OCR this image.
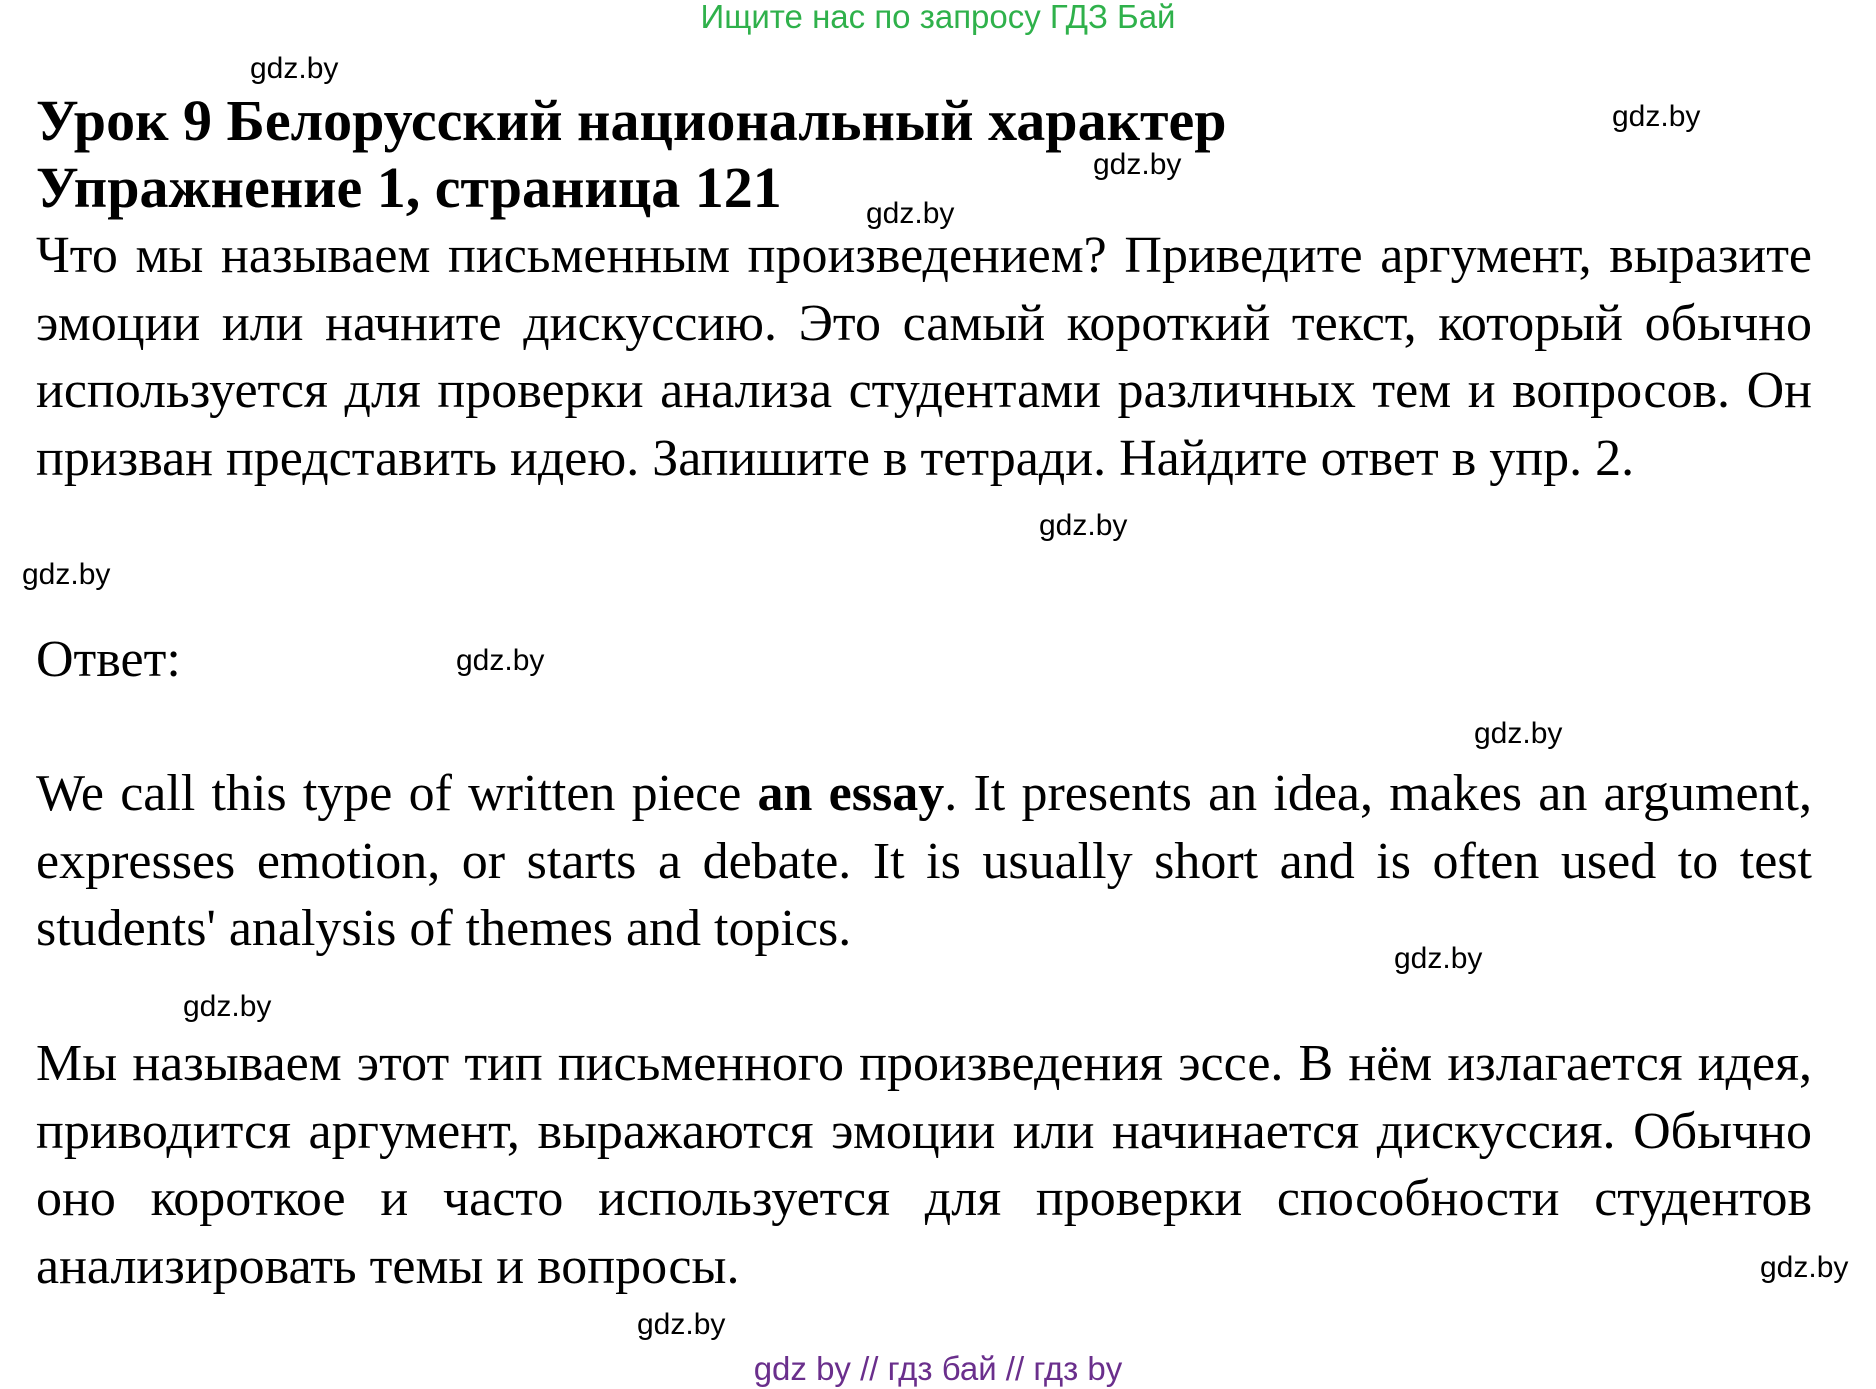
Ищите нас по запросу ГДЗ Бай
Урок 9 Белорусский национальный характер
Упражнение 1, страница 121

Что мы называем письменным произведением? Приведите аргумент, выразите эмоции или начните дискуссию. Это самый короткий текст, который обычно используется для проверки анализа студентами различных тем и вопросов. Он призван представить идею. Запишите в тетради. Найдите ответ в упр. 2.

Ответ:

We call this type of written piece an essay. It presents an idea, makes an argument, expresses emotion, or starts a debate. It is usually short and is often used to test students' analysis of themes and topics.

Мы называем этот тип письменного произведения эссе. В нём излагается идея, приводится аргумент, выражаются эмоции или начинается дискуссия. Обычно оно короткое и часто используется для проверки способности студентов анализировать темы и вопросы.

gdz.by
gdz.by
gdz.by
gdz.by
gdz.by
gdz.by
gdz.by
gdz.by
gdz.by
gdz.by
gdz.by
gdz.by
gdz by // гдз бай // гдз by
